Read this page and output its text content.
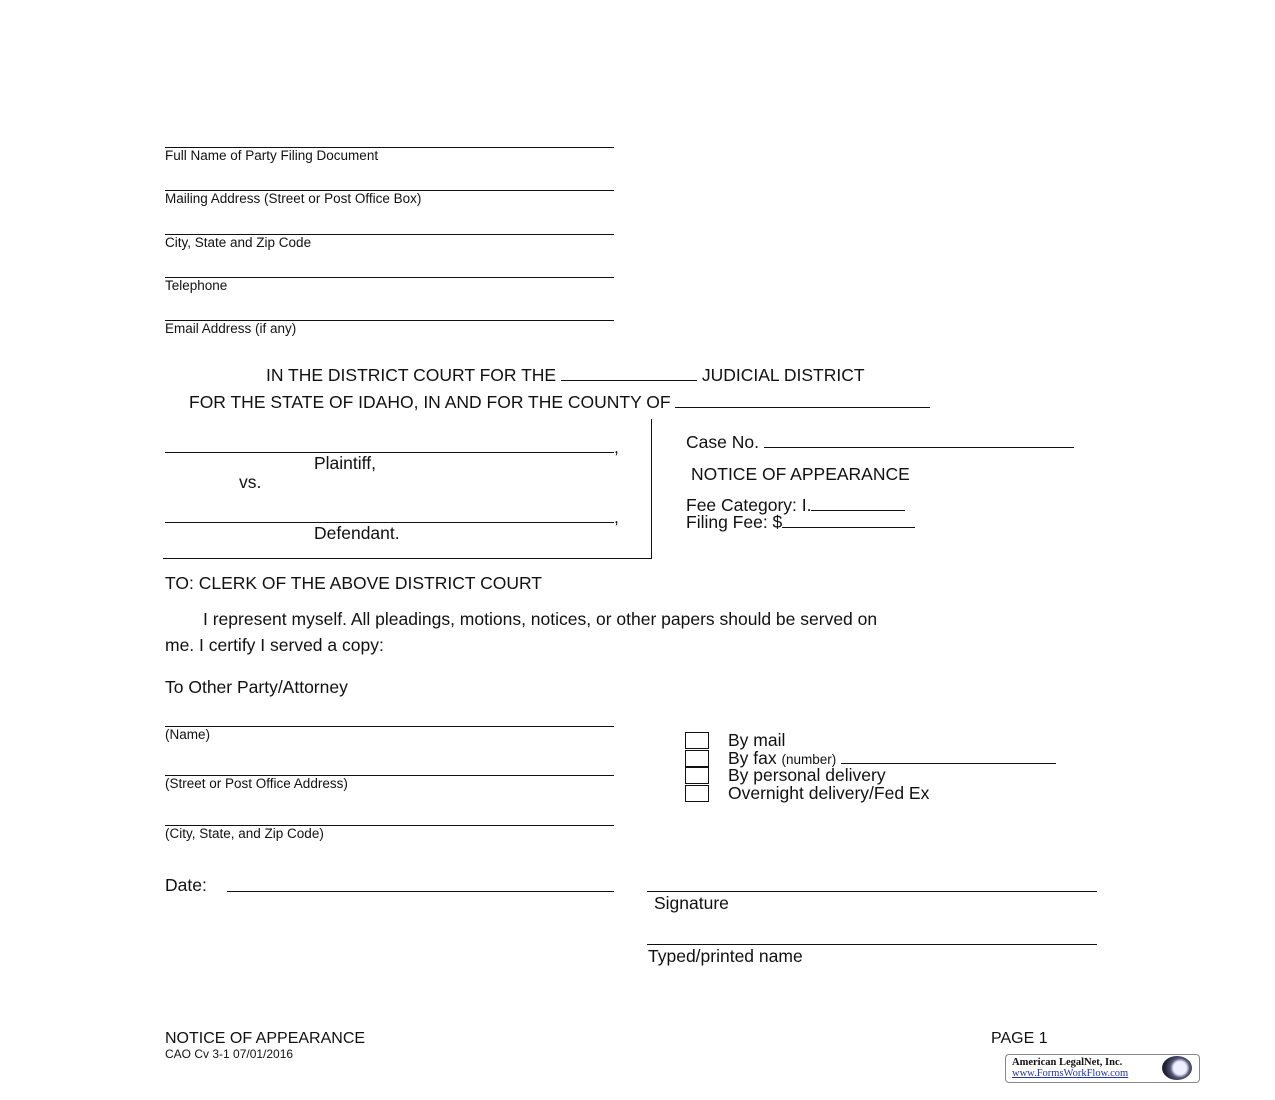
Full Name of Party Filing Document
Mailing Address (Street or Post Office Box)
City, State and Zip Code
Telephone
Email Address (if any)
IN THE DISTRICT COURT FOR THE	JUDICIAL DISTRICT
FOR THE STATE OF IDAHO, IN AND FOR THE COUNTY OF
,
Plaintiff,
vs.
,
Defendant.
Case No.
NOTICE OF APPEARANCE
Fee Category: I.
Filing Fee: $
TO: CLERK OF THE ABOVE DISTRICT COURT
I represent myself. All pleadings, motions, notices, or other papers should be served on
me. I certify I served a copy:
To Other Party/Attorney
(Name)
(Street or Post Office Address)
(City, State, and Zip Code)
By mail
By fax (number)
By personal delivery
Overnight delivery/Fed Ex
Date:
Signature
Typed/printed name
NOTICE OF APPEARANCE
CAO Cv 3-1 07/01/2016
PAGE 1
American LegalNet, Inc.
www.FormsWorkFlow.com
